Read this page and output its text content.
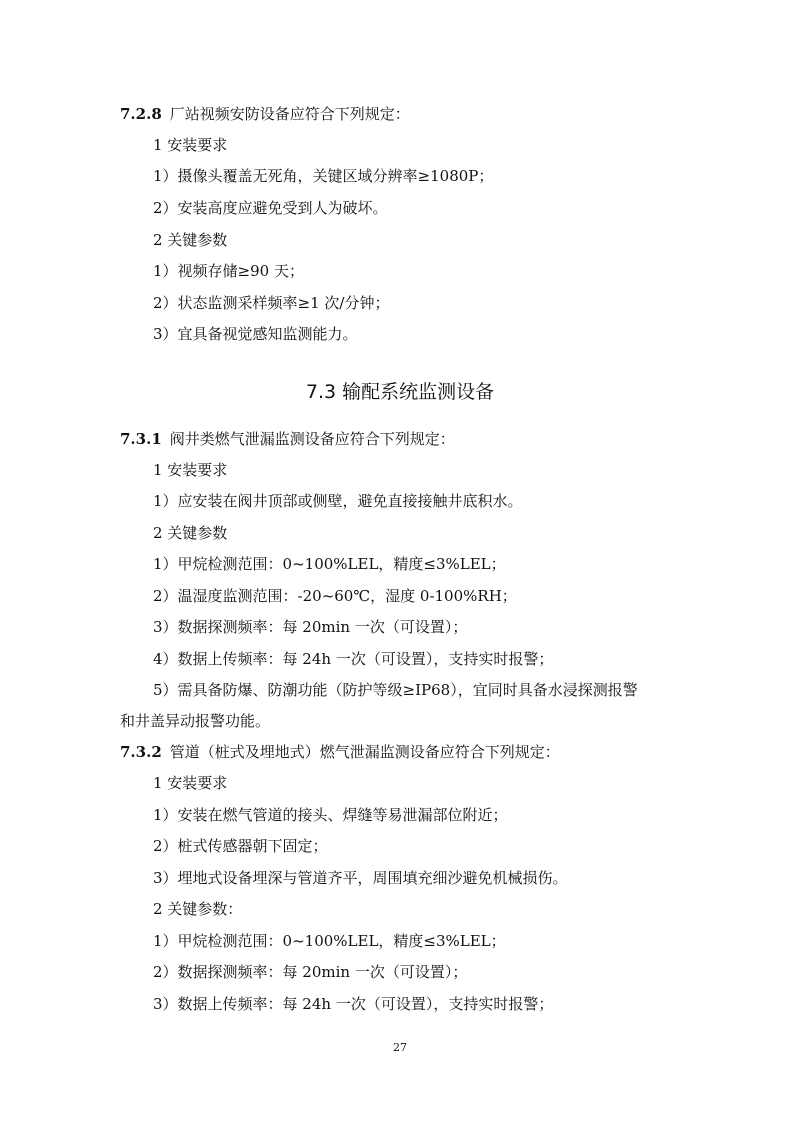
7.2.8 厂站视频安防设备应符合下列规定：
1 安装要求
1）摄像头覆盖无死角，关键区域分辨率≥1080P；
2）安装高度应避免受到人为破坏。
2 关键参数
1）视频存储≥90 天；
2）状态监测采样频率≥1 次/分钟；
3）宜具备视觉感知监测能力。
7.3 输配系统监测设备
7.3.1 阀井类燃气泄漏监测设备应符合下列规定：
1 安装要求
1）应安装在阀井顶部或侧壁，避免直接接触井底积水。
2 关键参数
1）甲烷检测范围：0~100%LEL，精度≤3%LEL；
2）温湿度监测范围：-20~60℃，湿度 0-100%RH；
3）数据探测频率：每 20min 一次（可设置）；
4）数据上传频率：每 24h 一次（可设置），支持实时报警；
5）需具备防爆、防潮功能（防护等级≥IP68），宜同时具备水浸探测报警
和井盖异动报警功能。
7.3.2 管道（桩式及埋地式）燃气泄漏监测设备应符合下列规定：
1 安装要求
1）安装在燃气管道的接头、焊缝等易泄漏部位附近；
2）桩式传感器朝下固定；
3）埋地式设备埋深与管道齐平，周围填充细沙避免机械损伤。
2 关键参数：
1）甲烷检测范围：0~100%LEL，精度≤3%LEL；
2）数据探测频率：每 20min 一次（可设置）；
3）数据上传频率：每 24h 一次（可设置），支持实时报警；
27
